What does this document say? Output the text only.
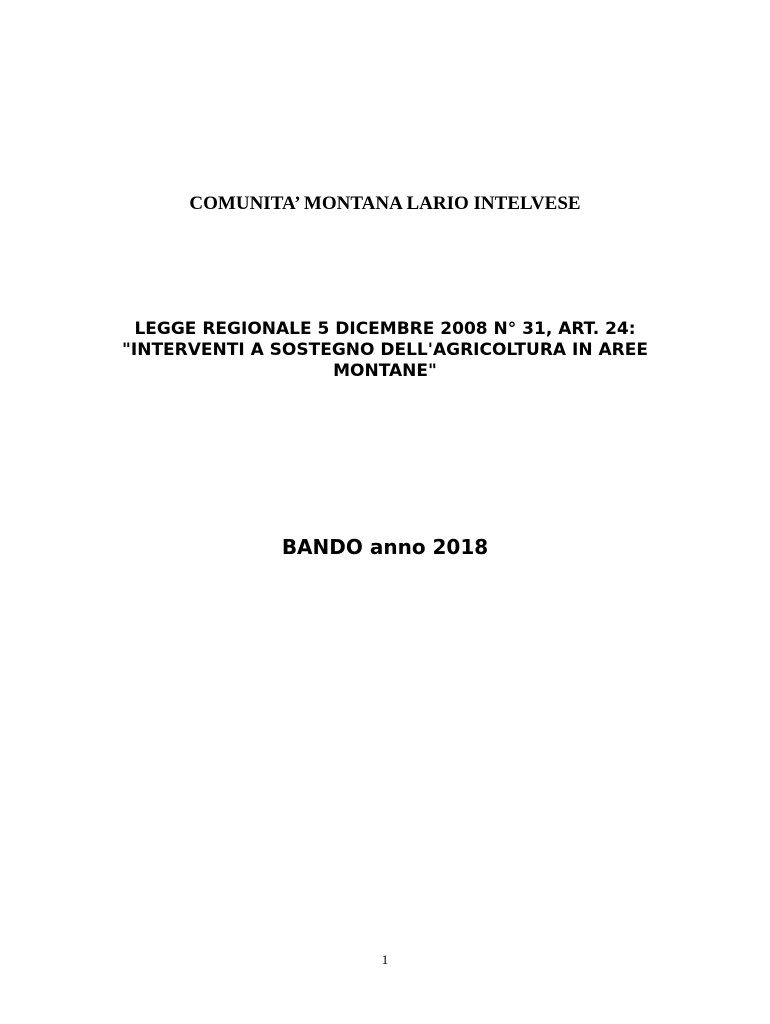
COMUNITA’ MONTANA LARIO INTELVESE
LEGGE REGIONALE 5 DICEMBRE 2008 N° 31, ART. 24:
"INTERVENTI A SOSTEGNO DELL'AGRICOLTURA IN AREE
MONTANE"
BANDO anno 2018
1
